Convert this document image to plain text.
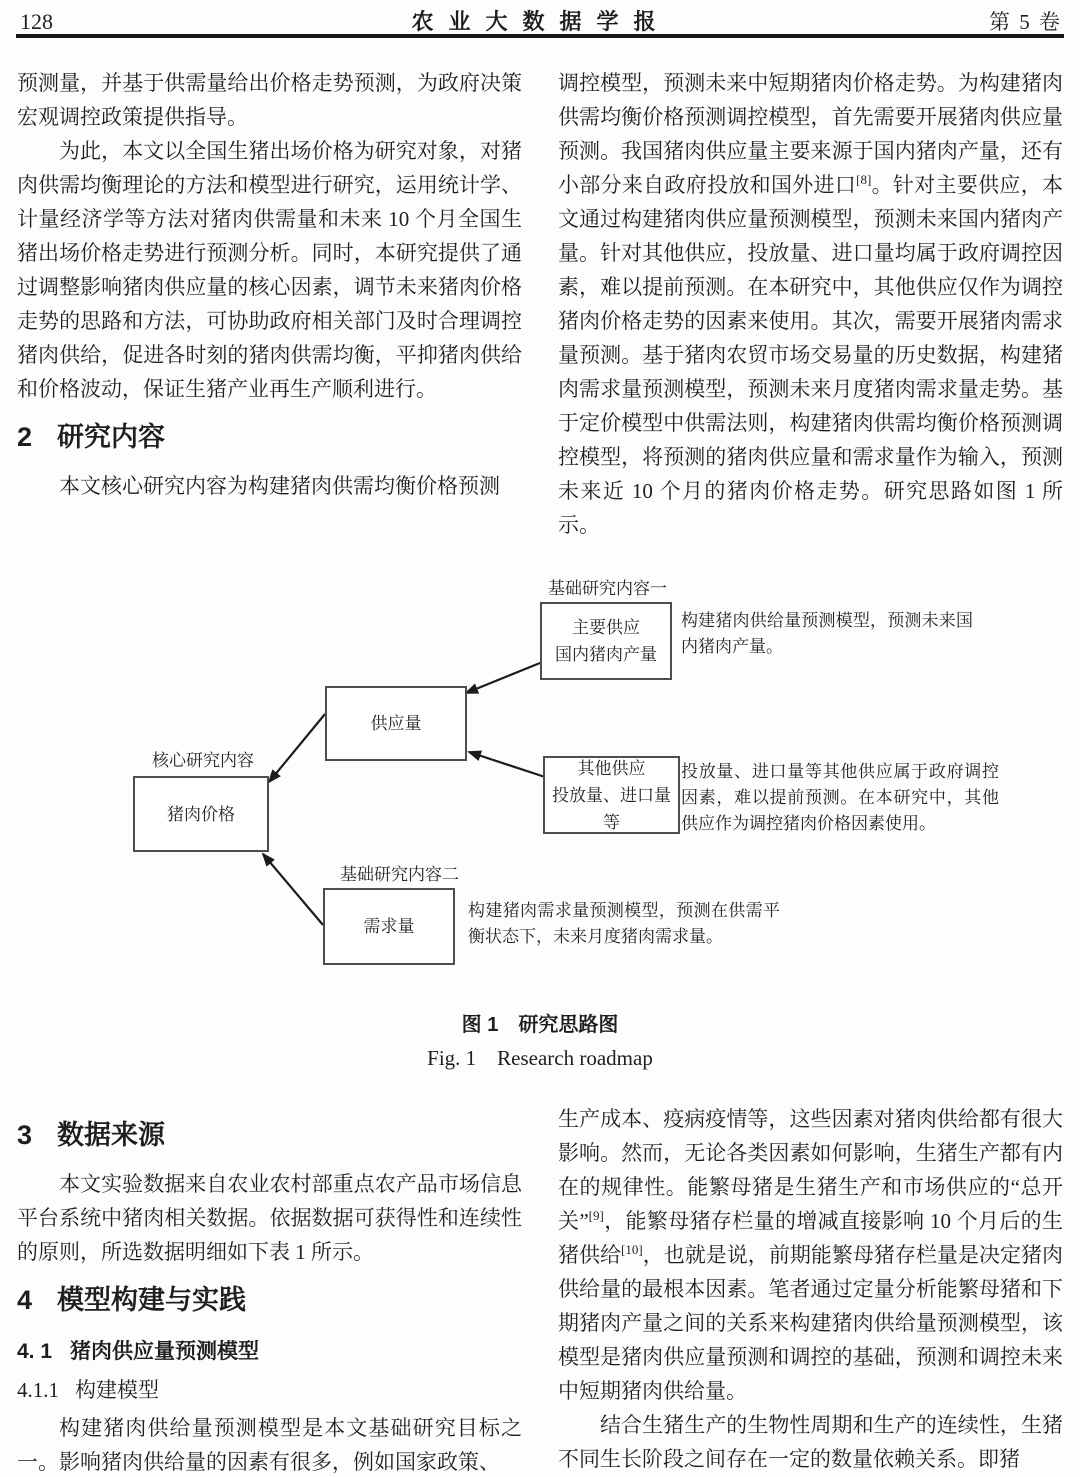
128	农业大数据学报	第 5 卷

预测量，并基于供需量给出价格走势预测，为政府决策宏观调控政策提供指导。

为此，本文以全国生猪出场价格为研究对象，对猪肉供需均衡理论的方法和模型进行研究，运用统计学、计量经济学等方法对猪肉供需量和未来 10 个月全国生猪出场价格走势进行预测分析。同时，本研究提供了通过调整影响猪肉供应量的核心因素，调节未来猪肉价格走势的思路和方法，可协助政府相关部门及时合理调控猪肉供给，促进各时刻的猪肉供需均衡，平抑猪肉供给和价格波动，保证生猪产业再生产顺利进行。

2 研究内容

本文核心研究内容为构建猪肉供需均衡价格预测

调控模型，预测未来中短期猪肉价格走势。为构建猪肉供需均衡价格预测调控模型，首先需要开展猪肉供应量预测。我国猪肉供应量主要来源于国内猪肉产量，还有小部分来自政府投放和国外进口[8]。针对主要供应，本文通过构建猪肉供应量预测模型，预测未来国内猪肉产量。针对其他供应，投放量、进口量均属于政府调控因素，难以提前预测。在本研究中，其他供应仅作为调控猪肉价格走势的因素来使用。其次，需要开展猪肉需求量预测。基于猪肉农贸市场交易量的历史数据，构建猪肉需求量预测模型，预测未来月度猪肉需求量走势。基于定价模型中供需法则，构建猪肉供需均衡价格预测调控模型，将预测的猪肉供应量和需求量作为输入，预测未来近 10 个月的猪肉价格走势。研究思路如图 1 所示。

基础研究内容一
主要供应
国内猪肉产量
构建猪肉供给量预测模型，预测未来国内猪肉产量。
供应量
核心研究内容
猪肉价格
其他供应
投放量、进口量等
投放量、进口量等其他供应属于政府调控因素，难以提前预测。在本研究中，其他供应作为调控猪肉价格因素使用。
基础研究内容二
需求量
构建猪肉需求量预测模型，预测在供需平衡状态下，未来月度猪肉需求量。
图 1　研究思路图
Fig. 1　Research roadmap
3 数据来源

本文实验数据来自农业农村部重点农产品市场信息平台系统中猪肉相关数据。依据数据可获得性和连续性的原则，所选数据明细如下表 1 所示。

4 模型构建与实践
4. 1 猪肉供应量预测模型
4.1.1 构建模型

构建猪肉供给量预测模型是本文基础研究目标之一。影响猪肉供给量的因素有很多，例如国家政策、

生产成本、疫病疫情等，这些因素对猪肉供给都有很大影响。然而，无论各类因素如何影响，生猪生产都有内在的规律性。能繁母猪是生猪生产和市场供应的“总开关”[9]，能繁母猪存栏量的增减直接影响 10 个月后的生猪供给[10]，也就是说，前期能繁母猪存栏量是决定猪肉供给量的最根本因素。笔者通过定量分析能繁母猪和下期猪肉产量之间的关系来构建猪肉供给量预测模型，该模型是猪肉供应量预测和调控的基础，预测和调控未来中短期猪肉供给量。

结合生猪生产的生物性周期和生产的连续性，生猪不同生长阶段之间存在一定的数量依赖关系。即猪
